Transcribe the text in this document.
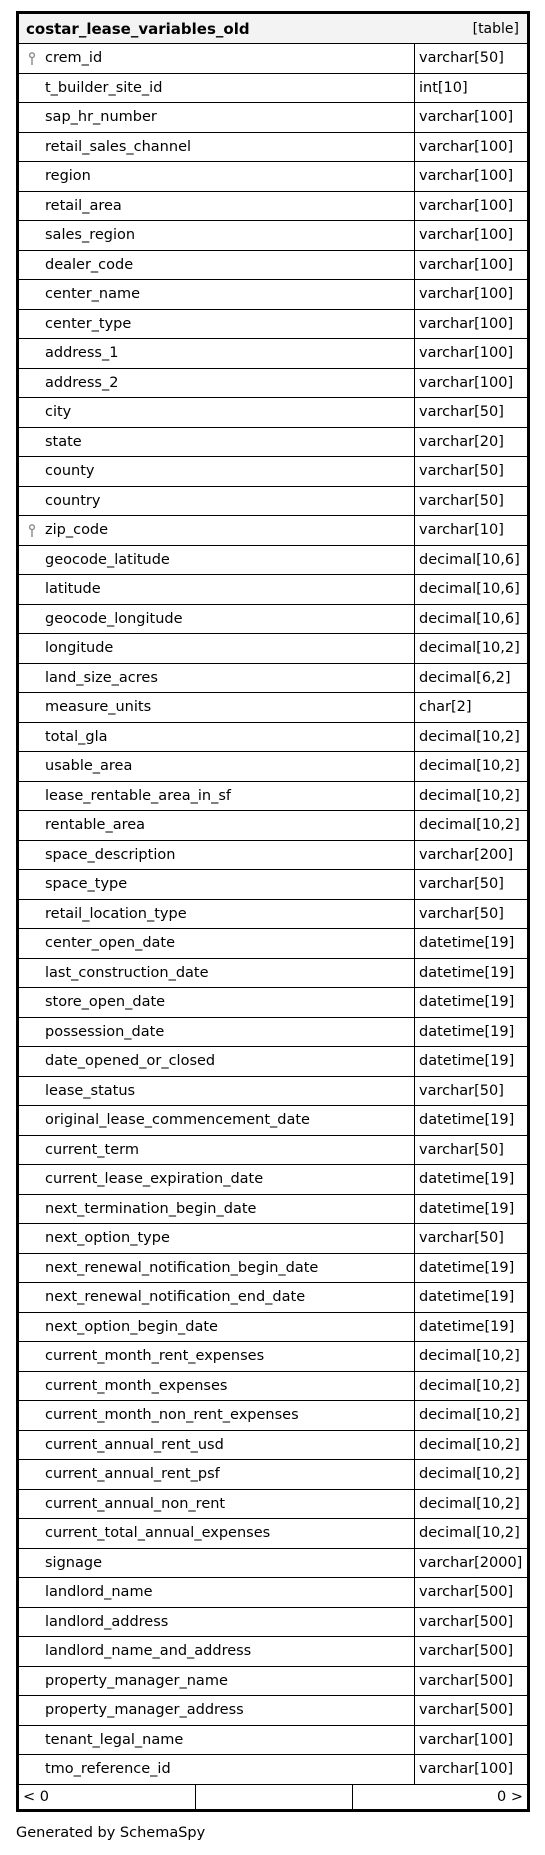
costar_lease_variables_old	[table]
crem_id	varchar[50]
t_builder_site_id	int[10]
sap_hr_number	varchar[100]
retail_sales_channel	varchar[100]
region	varchar[100]
retail_area	varchar[100]
sales_region	varchar[100]
dealer_code	varchar[100]
center_name	varchar[100]
center_type	varchar[100]
address_1	varchar[100]
address_2	varchar[100]
city	varchar[50]
state	varchar[20]
county	varchar[50]
country	varchar[50]
zip_code	varchar[10]
geocode_latitude	decimal[10,6]
latitude	decimal[10,6]
geocode_longitude	decimal[10,6]
longitude	decimal[10,2]
land_size_acres	decimal[6,2]
measure_units	char[2]
total_gla	decimal[10,2]
usable_area	decimal[10,2]
lease_rentable_area_in_sf	decimal[10,2]
rentable_area	decimal[10,2]
space_description	varchar[200]
space_type	varchar[50]
retail_location_type	varchar[50]
center_open_date	datetime[19]
last_construction_date	datetime[19]
store_open_date	datetime[19]
possession_date	datetime[19]
date_opened_or_closed	datetime[19]
lease_status	varchar[50]
original_lease_commencement_date	datetime[19]
current_term	varchar[50]
current_lease_expiration_date	datetime[19]
next_termination_begin_date	datetime[19]
next_option_type	varchar[50]
next_renewal_notification_begin_date	datetime[19]
next_renewal_notification_end_date	datetime[19]
next_option_begin_date	datetime[19]
current_month_rent_expenses	decimal[10,2]
current_month_expenses	decimal[10,2]
current_month_non_rent_expenses	decimal[10,2]
current_annual_rent_usd	decimal[10,2]
current_annual_rent_psf	decimal[10,2]
current_annual_non_rent	decimal[10,2]
current_total_annual_expenses	decimal[10,2]
signage	varchar[2000]
landlord_name	varchar[500]
landlord_address	varchar[500]
landlord_name_and_address	varchar[500]
property_manager_name	varchar[500]
property_manager_address	varchar[500]
tenant_legal_name	varchar[100]
tmo_reference_id	varchar[100]
< 0	0 >
Generated by SchemaSpy
